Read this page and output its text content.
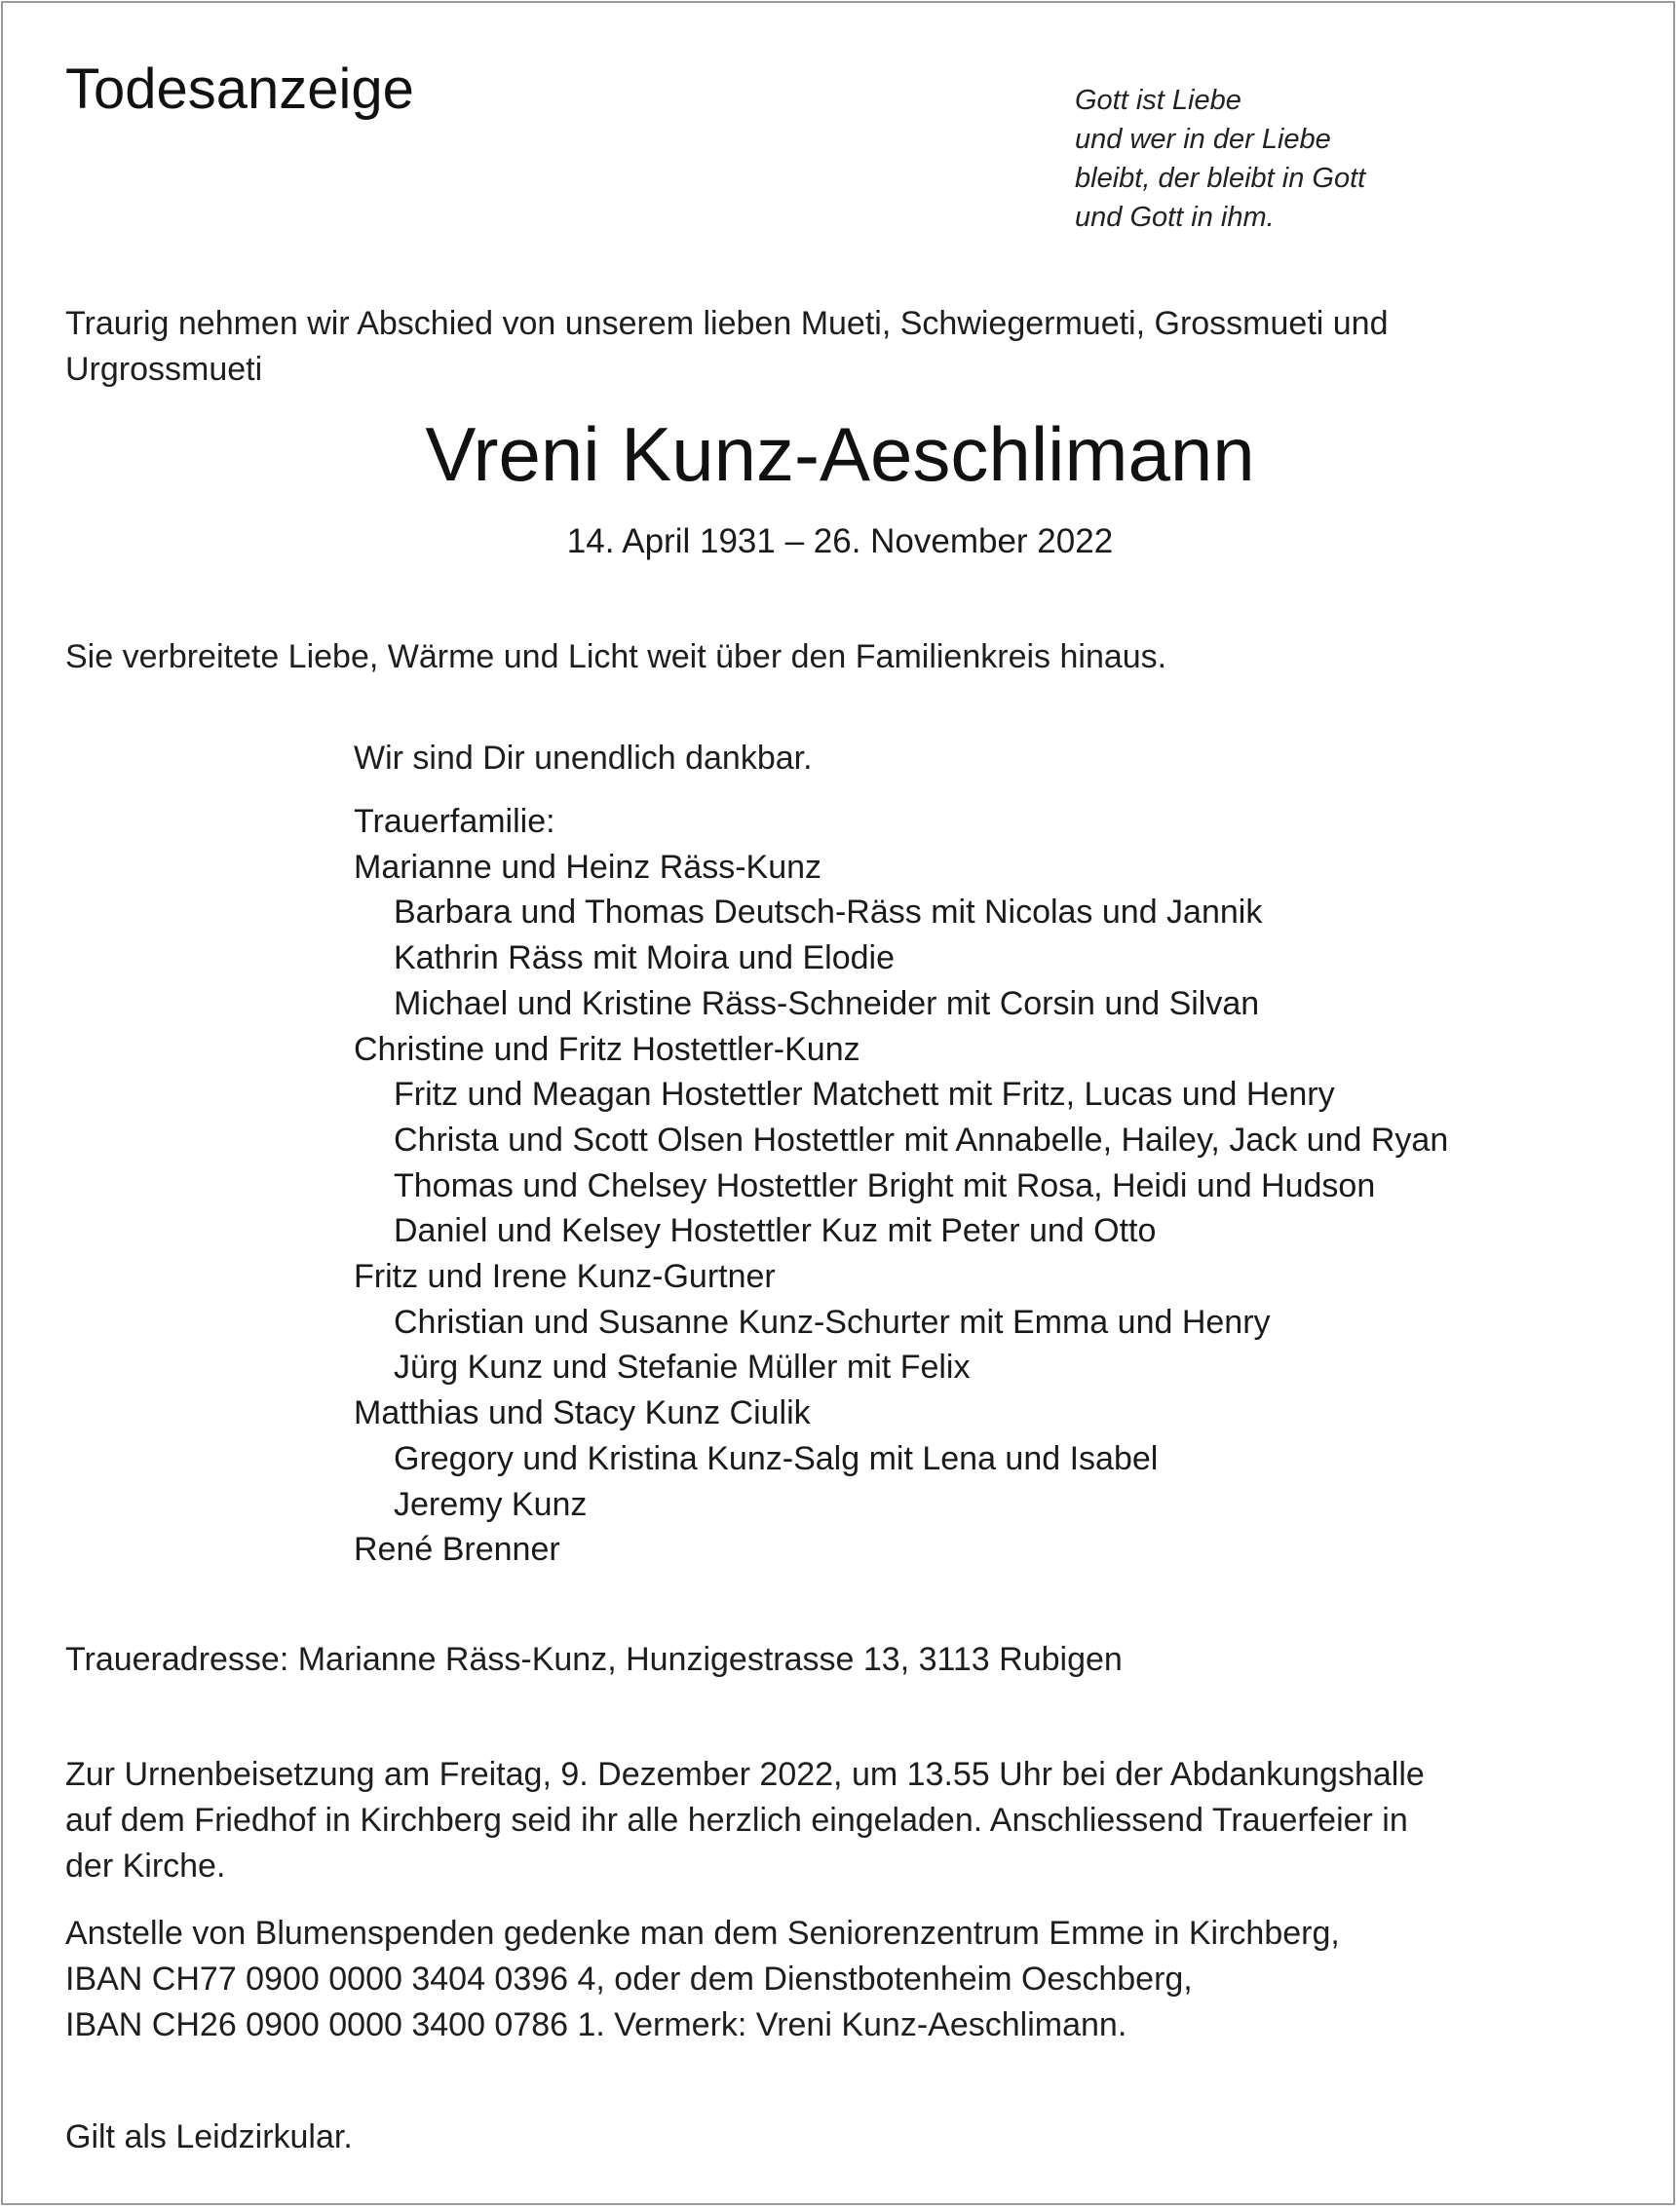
Todesanzeige	Gott ist Liebe
und wer in der Liebe
bleibt, der bleibt in Gott
und Gott in ihm.
Traurig nehmen wir Abschied von unserem lieben Mueti, Schwiegermueti, Grossmueti und
Urgrossmueti
Vreni Kunz-Aeschlimann
14. April 1931 – 26. November 2022
Sie verbreitete Liebe, Wärme und Licht weit über den Familienkreis hinaus.
Wir sind Dir unendlich dankbar.
Trauerfamilie:
Marianne und Heinz Räss-Kunz
Barbara und Thomas Deutsch-Räss mit Nicolas und Jannik
Kathrin Räss mit Moira und Elodie
Michael und Kristine Räss-Schneider mit Corsin und Silvan
Christine und Fritz Hostettler-Kunz
Fritz und Meagan Hostettler Matchett mit Fritz, Lucas und Henry
Christa und Scott Olsen Hostettler mit Annabelle, Hailey, Jack und Ryan
Thomas und Chelsey Hostettler Bright mit Rosa, Heidi und Hudson
Daniel und Kelsey Hostettler Kuz mit Peter und Otto
Fritz und Irene Kunz-Gurtner
Christian und Susanne Kunz-Schurter mit Emma und Henry
Jürg Kunz und Stefanie Müller mit Felix
Matthias und Stacy Kunz Ciulik
Gregory und Kristina Kunz-Salg mit Lena und Isabel
Jeremy Kunz
René Brenner
Traueradresse: Marianne Räss-Kunz, Hunzigestrasse 13, 3113 Rubigen
Zur Urnenbeisetzung am Freitag, 9. Dezember 2022, um 13.55 Uhr bei der Abdankungshalle
auf dem Friedhof in Kirchberg seid ihr alle herzlich eingeladen. Anschliessend Trauerfeier in
der Kirche.
Anstelle von Blumenspenden gedenke man dem Seniorenzentrum Emme in Kirchberg,
IBAN CH77 0900 0000 3404 0396 4, oder dem Dienstbotenheim Oeschberg,
IBAN CH26 0900 0000 3400 0786 1. Vermerk: Vreni Kunz-Aeschlimann.
Gilt als Leidzirkular.
